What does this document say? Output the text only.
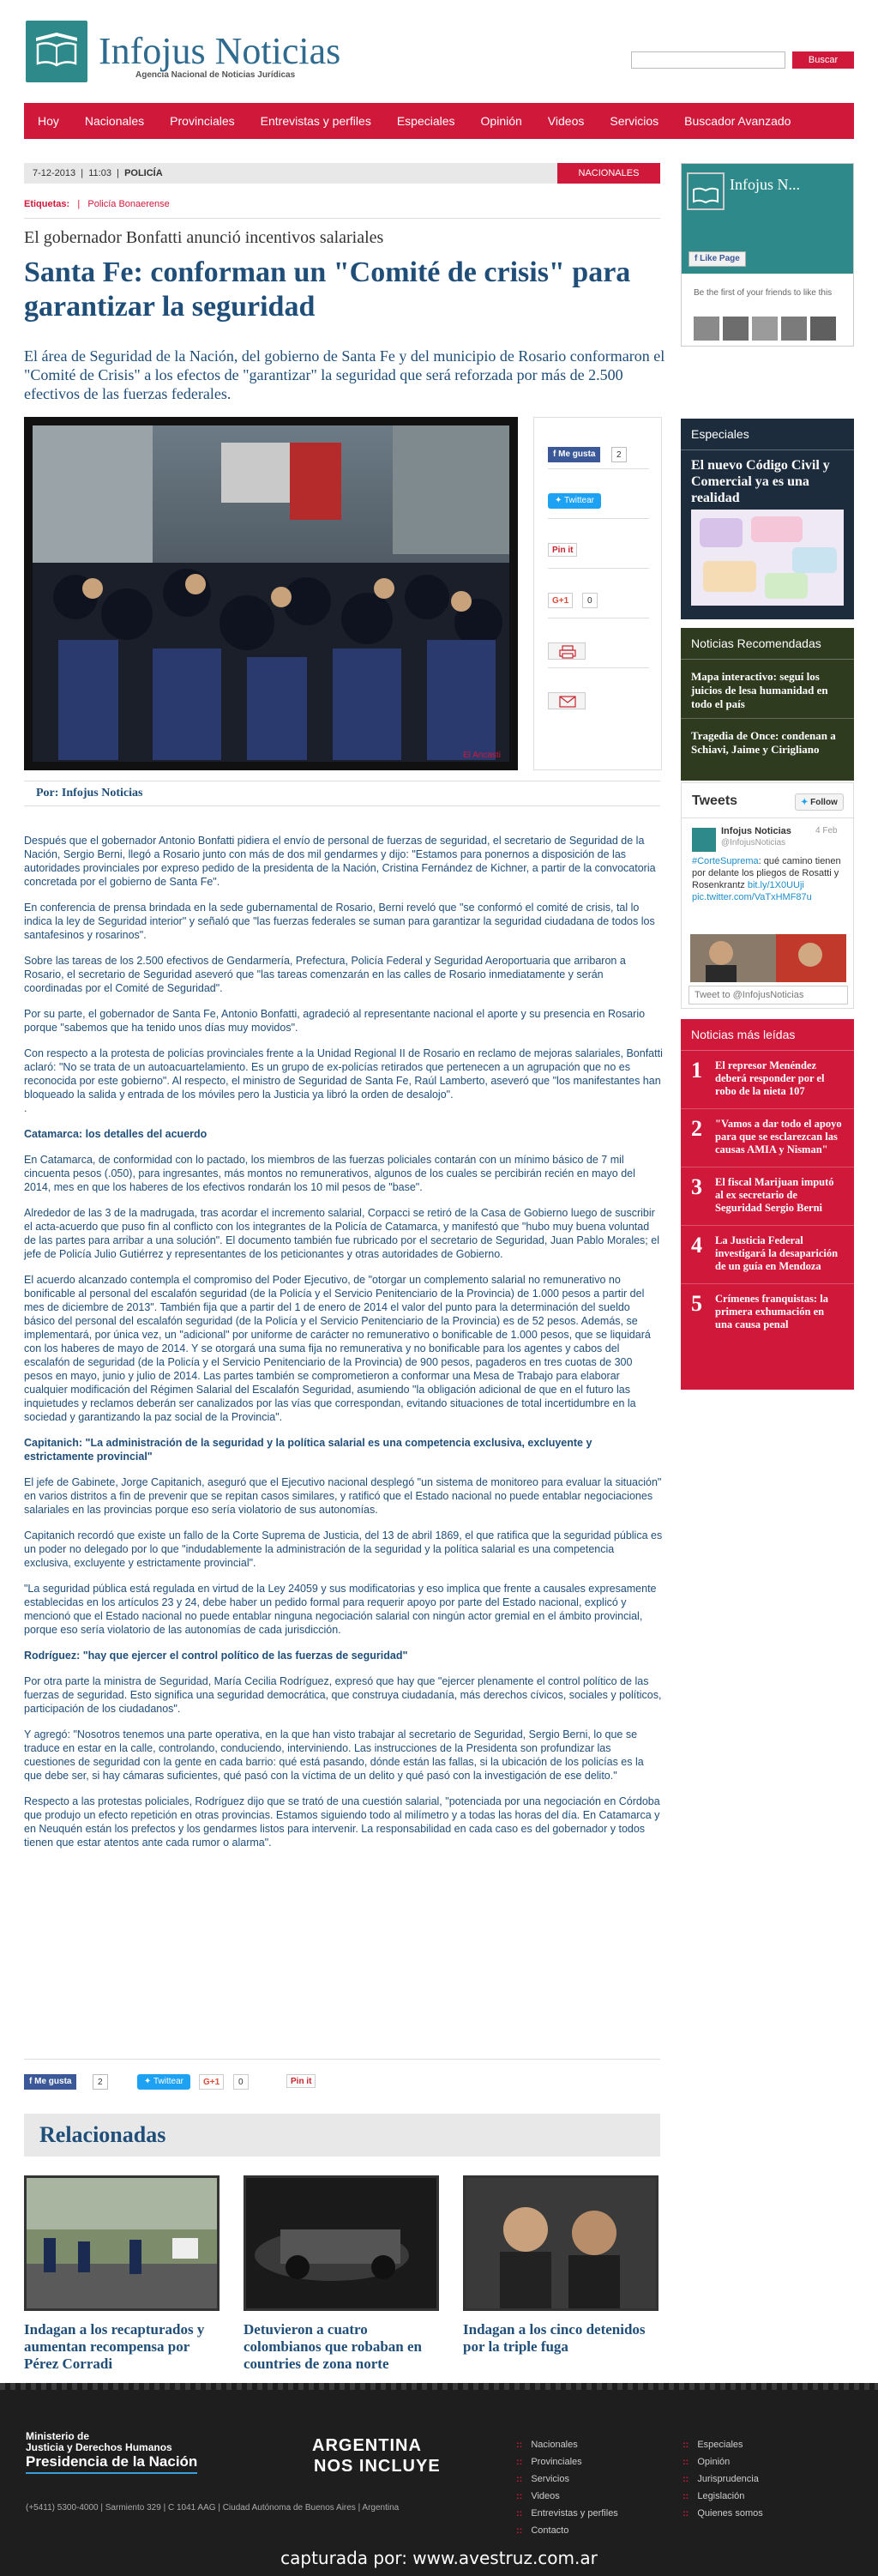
Infojus Noticias
Agencia Nacional de Noticias Jurídicas
Buscar
Hoy Nacionales Provinciales Entrevistas y perfiles Especiales Opinión Videos Servicios Buscador Avanzado
7-12-2013  |  11:03  |  POLICÍA	NACIONALES
Etiquetas:   |   Policía Bonaerense
El gobernador Bonfatti anunció incentivos salariales
Santa Fe: conforman un "Comité de crisis" para garantizar la seguridad
El área de Seguridad de la Nación, del gobierno de Santa Fe y del municipio de Rosario conformaron el "Comité de Crisis" a los efectos de "garantizar" la seguridad que será reforzada por más de 2.500 efectivos de las fuerzas federales.
El Ancasti
f Me gusta	2
✦ Twittear
Pin it
G+1	0
Por: Infojus Noticias

Después que el gobernador Antonio Bonfatti pidiera el envío de personal de fuerzas de seguridad, el secretario de Seguridad de la Nación, Sergio Berni, llegó a Rosario junto con más de dos mil gendarmes y dijo: "Estamos para ponernos a disposición de las autoridades provinciales por expreso pedido de la presidenta de la Nación, Cristina Fernández de Kichner, a partir de la convocatoria concretada por el gobierno de Santa Fe".

En conferencia de prensa brindada en la sede gubernamental de Rosario, Berni reveló que "se conformó el comité de crisis, tal lo indica la ley de Seguridad interior" y señaló que "las fuerzas federales se suman para garantizar la seguridad ciudadana de todos los santafesinos y rosarinos".

Sobre las tareas de los 2.500 efectivos de Gendarmería, Prefectura, Policía Federal y Seguridad Aeroportuaria que arribaron a Rosario, el secretario de Seguridad aseveró que "las tareas comenzarán en las calles de Rosario inmediatamente y serán coordinadas por el Comité de Seguridad".

Por su parte, el gobernador de Santa Fe, Antonio Bonfatti, agradeció al representante nacional el aporte y su presencia en Rosario porque "sabemos que ha tenido unos días muy movidos".

Con respecto a la protesta de policías provinciales frente a la Unidad Regional II de Rosario en reclamo de mejoras salariales, Bonfatti aclaró: "No se trata de un autoacuartelamiento. Es un grupo de ex-policías retirados que pertenecen a un agrupación que no es reconocida por este gobierno". Al respecto, el ministro de Seguridad de Santa Fe, Raúl Lamberto, aseveró que "los manifestantes han bloqueado la salida y entrada de los móviles pero la Justicia ya libró la orden de desalojo".
.

Catamarca: los detalles del acuerdo

En Catamarca, de conformidad con lo pactado, los miembros de las fuerzas policiales contarán con un mínimo básico de 7 mil cincuenta pesos (.050), para ingresantes, más montos no remunerativos, algunos de los cuales se percibirán recién en mayo del 2014, mes en que los haberes de los efectivos rondarán los 10 mil pesos de "base".

Alrededor de las 3 de la madrugada, tras acordar el incremento salarial, Corpacci se retiró de la Casa de Gobierno luego de suscribir el acta-acuerdo que puso fin al conflicto con los integrantes de la Policía de Catamarca, y manifestó que "hubo muy buena voluntad de las partes para arribar a una solución". El documento también fue rubricado por el secretario de Seguridad, Juan Pablo Morales; el jefe de Policía Julio Gutiérrez y representantes de los peticionantes y otras autoridades de Gobierno.

El acuerdo alcanzado contempla el compromiso del Poder Ejecutivo, de "otorgar un complemento salarial no remunerativo no bonificable al personal del escalafón seguridad (de la Policía y el Servicio Penitenciario de la Provincia) de 1.000 pesos a partir del mes de diciembre de 2013". También fija que a partir del 1 de enero de 2014 el valor del punto para la determinación del sueldo básico del personal del escalafón seguridad (de la Policía y el Servicio Penitenciario de la Provincia) es de 52 pesos. Además, se implementará, por única vez, un "adicional" por uniforme de carácter no remunerativo o bonificable de 1.000 pesos, que se liquidará con los haberes de mayo de 2014. Y se otorgará una suma fija no remunerativa y no bonificable para los agentes y cabos del escalafón de seguridad (de la Policía y el Servicio Penitenciario de la Provincia) de 900 pesos, pagaderos en tres cuotas de 300 pesos en mayo, junio y julio de 2014. Las partes también se comprometieron a conformar una Mesa de Trabajo para elaborar cualquier modificación del Régimen Salarial del Escalafón Seguridad, asumiendo "la obligación adicional de que en el futuro las inquietudes y reclamos deberán ser canalizados por las vías que correspondan, evitando situaciones de total incertidumbre en la sociedad y garantizando la paz social de la Provincia".

Capitanich: "La administración de la seguridad y la política salarial es una competencia exclusiva, excluyente y estrictamente provincial"

El jefe de Gabinete, Jorge Capitanich, aseguró que el Ejecutivo nacional desplegó "un sistema de monitoreo para evaluar la situación" en varios distritos a fin de prevenir que se repitan casos similares, y ratificó que el Estado nacional no puede entablar negociaciones salariales en las provincias porque eso sería violatorio de sus autonomías.

Capitanich recordó que existe un fallo de la Corte Suprema de Justicia, del 13 de abril 1869, el que ratifica que la seguridad pública es un poder no delegado por lo que "indudablemente la administración de la seguridad y la política salarial es una competencia exclusiva, excluyente y estrictamente provincial".

"La seguridad pública está regulada en virtud de la Ley 24059 y sus modificatorias y eso implica que frente a causales expresamente establecidas en los artículos 23 y 24, debe haber un pedido formal para requerir apoyo por parte del Estado nacional, explicó y mencionó que el Estado nacional no puede entablar ninguna negociación salarial con ningún actor gremial en el ámbito provincial, porque eso sería violatorio de las autonomías de cada jurisdicción.

Rodríguez: "hay que ejercer el control político de las fuerzas de seguridad"

Por otra parte la ministra de Seguridad, María Cecilia Rodríguez, expresó que hay que "ejercer plenamente el control político de las fuerzas de seguridad. Esto significa una seguridad democrática, que construya ciudadanía, más derechos cívicos, sociales y políticos, participación de los ciudadanos".

Y agregó: "Nosotros tenemos una parte operativa, en la que han visto trabajar al secretario de Seguridad, Sergio Berni, lo que se traduce en estar en la calle, controlando, conduciendo, interviniendo. Las instrucciones de la Presidenta son profundizar las cuestiones de seguridad con la gente en cada barrio: qué está pasando, dónde están las fallas, si la ubicación de los policías es la que debe ser, si hay cámaras suficientes, qué pasó con la víctima de un delito y qué pasó con la investigación de ese delito."

Respecto a las protestas policiales, Rodríguez dijo que se trató de una cuestión salarial, "potenciada por una negociación en Córdoba que produjo un efecto repetición en otras provincias. Estamos siguiendo todo al milímetro y a todas las horas del día. En Catamarca y en Neuquén están los prefectos y los gendarmes listos para intervenir. La responsabilidad en cada caso es del gobernador y todos tienen que estar atentos ante cada rumor o alarma".

f Me gusta	2	✦ Twittear	G+1	0	Pin it
Relacionadas
Indagan a los recapturados y aumentan recompensa por Pérez Corradi
Detuvieron a cuatro colombianos que robaban en countries de zona norte
Indagan a los cinco detenidos por la triple fuga
Infojus N...
f Like Page
Be the first of your friends to like this
Especiales
El nuevo Código Civil y Comercial ya es una realidad
Noticias Recomendadas
Mapa interactivo: seguí los juicios de lesa humanidad en todo el país
Tragedia de Once: condenan a Schiavi, Jaime y Cirigliano
Tweets	✦ Follow
Infojus Noticias	4 Feb
@InfojusNoticias
#CorteSuprema: qué camino tienen por delante los pliegos de Rosatti y Rosenkrantz bit.ly/1X0UUji pic.twitter.com/VaTxHMF87u
Tweet to @InfojusNoticias
Noticias más leídas
1	El represor Menéndez deberá responder por el robo de la nieta 107
2	"Vamos a dar todo el apoyo para que se esclarezcan las causas AMIA y Nisman"
3	El fiscal Marijuan imputó al ex secretario de Seguridad Sergio Berni
4	La Justicia Federal investigará la desaparición de un guía en Mendoza
5	Crímenes franquistas: la primera exhumación en una causa penal
Ministerio de
Justicia y Derechos Humanos
Presidencia de la Nación
ARGENTINA
NOS INCLUYE
(+5411) 5300-4000 | Sarmiento 329 | C 1041 AAG | Ciudad Autónoma de Buenos Aires | Argentina
:: Nacionales
:: Provinciales
:: Servicios
:: Videos
:: Entrevistas y perfiles
:: Contacto
:: Especiales
:: Opinión
:: Jurisprudencia
:: Legislación
:: Quienes somos
capturada por: www.avestruz.com.ar
